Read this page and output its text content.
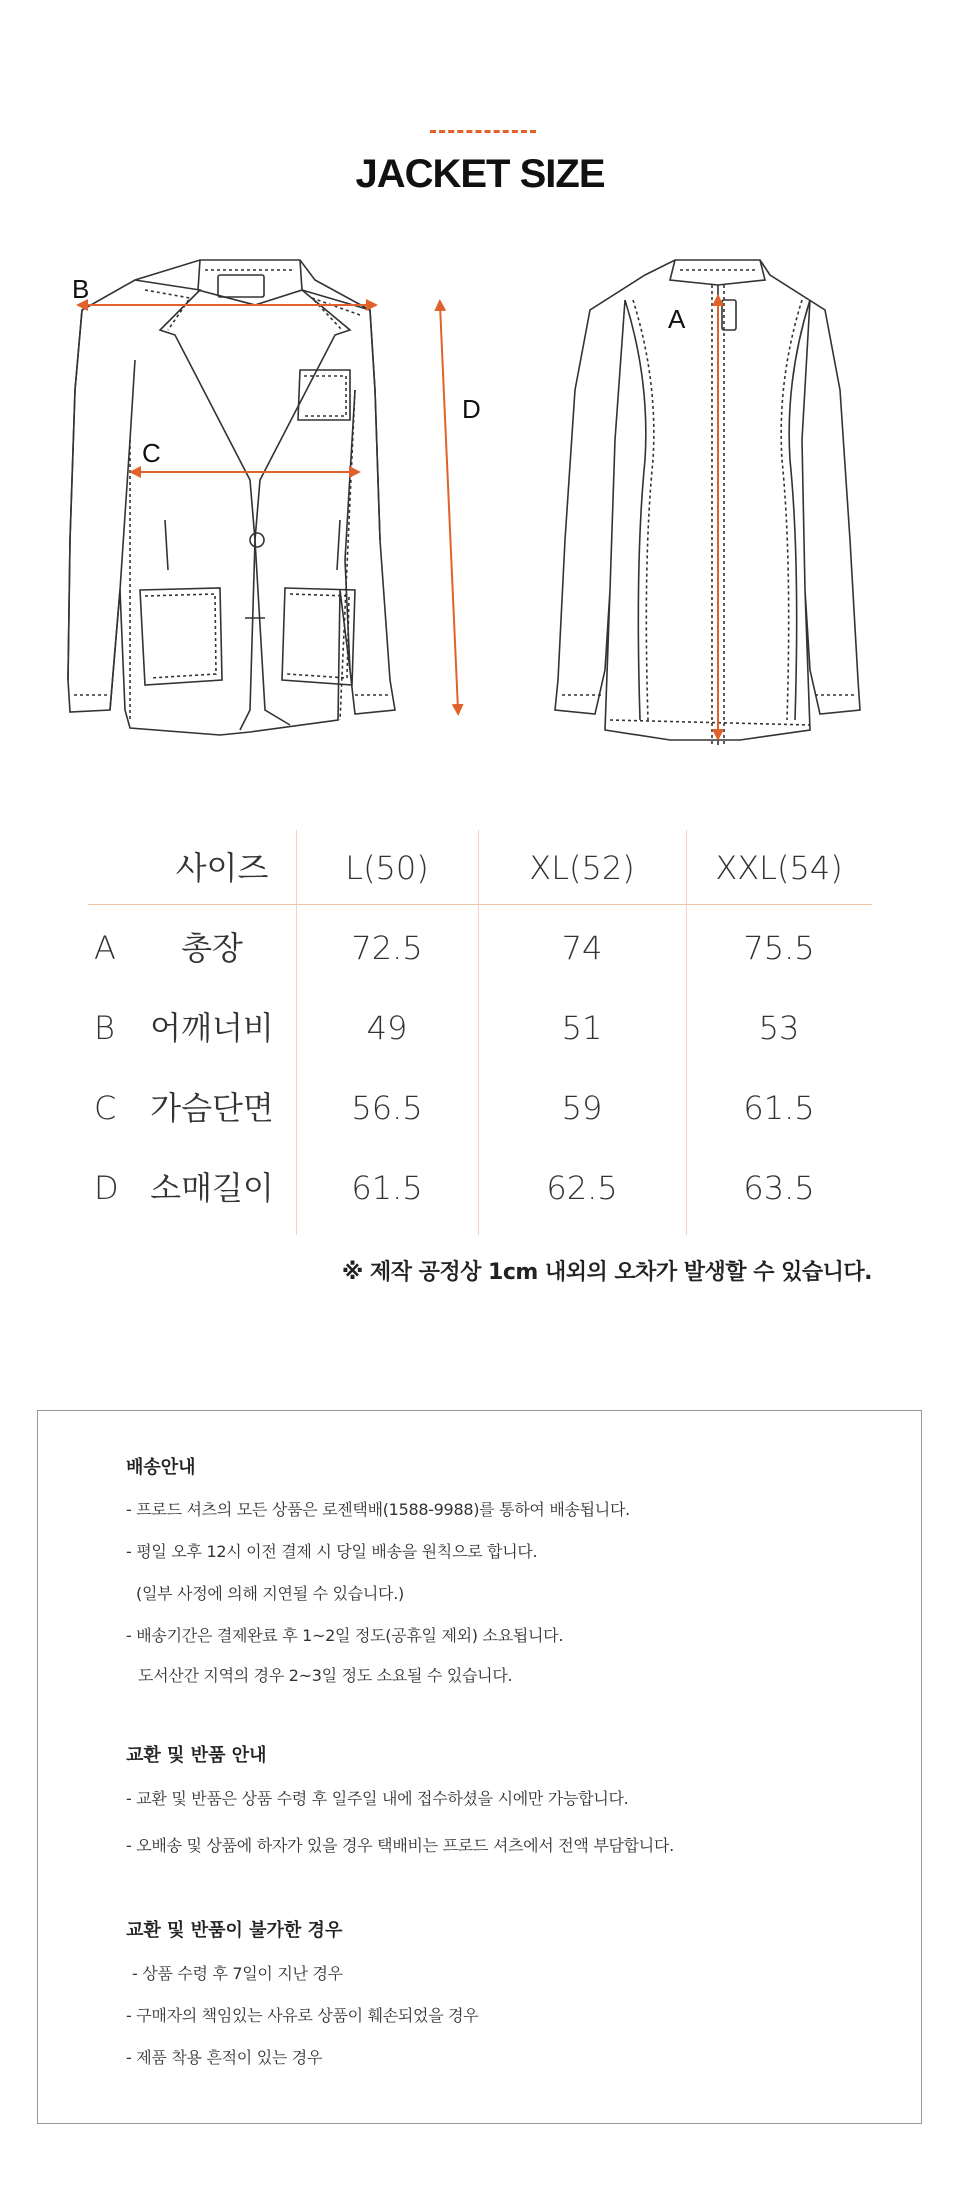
JACKET SIZE
B
C
D
A
사이즈	L(50)	XL(52)	XXL(54)
A	총장	72.5	74	75.5
B	어깨너비	49	51	53
C	가슴단면	56.5	59	61.5
D 소매길이	61.5	62.5	63.5
※ 제작 공정상 1cm 내외의 오차가 발생할 수 있습니다.
배송안내
- 프로드 셔츠의 모든 상품은 로젠택배(1588-9988)를 통하여 배송됩니다.
- 평일 오후 12시 이전 결제 시 당일 배송을 원칙으로 합니다.
(일부 사정에 의해 지연될 수 있습니다.)
- 배송기간은 결제완료 후 1~2일 정도(공휴일 제외) 소요됩니다.
도서산간 지역의 경우 2~3일 정도 소요될 수 있습니다.
교환 및 반품 안내
- 교환 및 반품은 상품 수령 후 일주일 내에 접수하셨을 시에만 가능합니다.
- 오배송 및 상품에 하자가 있을 경우 택배비는 프로드 셔츠에서 전액 부담합니다.
교환 및 반품이 불가한 경우
- 상품 수령 후 7일이 지난 경우
- 구매자의 책임있는 사유로 상품이 훼손되었을 경우
- 제품 착용 흔적이 있는 경우
